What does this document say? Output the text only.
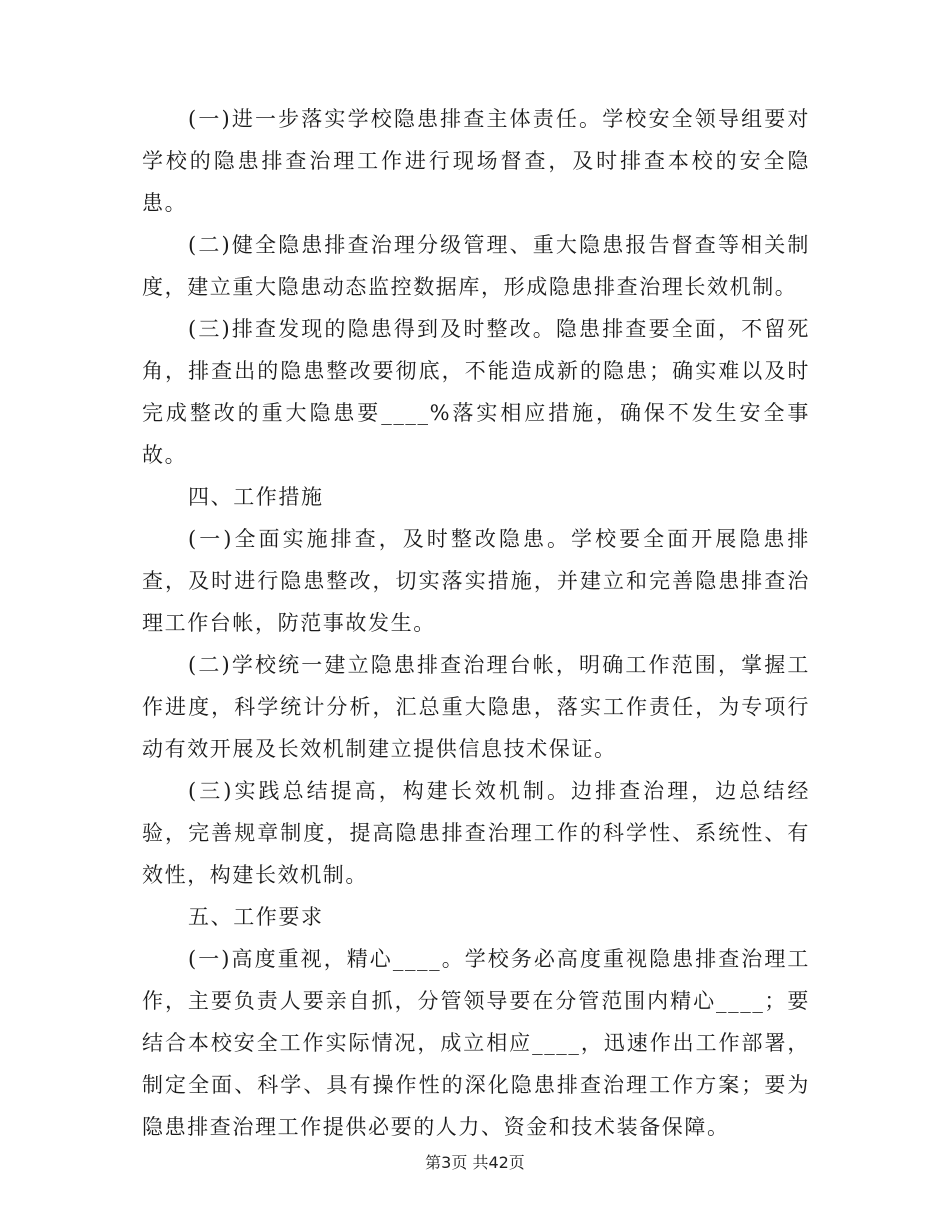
(一)进一步落实学校隐患排查主体责任。学校安全领导组要对学校的隐患排查治理工作进行现场督查，及时排查本校的安全隐患。

(二)健全隐患排查治理分级管理、重大隐患报告督查等相关制度，建立重大隐患动态监控数据库，形成隐患排查治理长效机制。

(三)排查发现的隐患得到及时整改。隐患排查要全面，不留死角，排查出的隐患整改要彻底，不能造成新的隐患；确实难以及时完成整改的重大隐患要____%落实相应措施，确保不发生安全事故。

四、工作措施

(一)全面实施排查，及时整改隐患。学校要全面开展隐患排查，及时进行隐患整改，切实落实措施，并建立和完善隐患排查治理工作台帐，防范事故发生。

(二)学校统一建立隐患排查治理台帐，明确工作范围，掌握工作进度，科学统计分析，汇总重大隐患，落实工作责任，为专项行动有效开展及长效机制建立提供信息技术保证。

(三)实践总结提高，构建长效机制。边排查治理，边总结经验，完善规章制度，提高隐患排查治理工作的科学性、系统性、有效性，构建长效机制。

五、工作要求

(一)高度重视，精心____。学校务必高度重视隐患排查治理工作，主要负责人要亲自抓，分管领导要在分管范围内精心____；要结合本校安全工作实际情况，成立相应____，迅速作出工作部署，制定全面、科学、具有操作性的深化隐患排查治理工作方案；要为隐患排查治理工作提供必要的人力、资金和技术装备保障。

第3页 共42页
